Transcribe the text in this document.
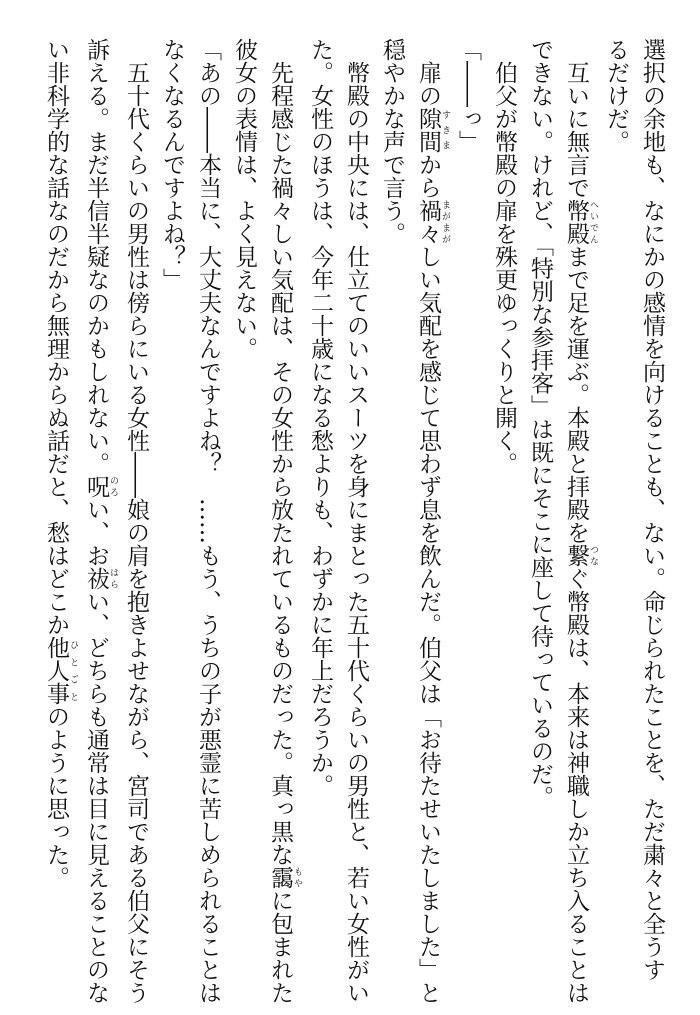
選択の余地も、なにかの感情を向けることも、ない。命じられたことを、ただ粛々と全うす

るだけだ。

互いに無言で幣殿 へいでんまで足を運ぶ。本殿と拝殿を繋 つなぐ幣殿は、本来は神職しか立ち入ることは

できない。けれど、「特別な参拝客」は既にそこに座して待っているのだ。

伯父が幣殿の扉を殊更ゆっくりと開く。

「――っ」

扉の隙間 すきまから禍々 まがまがしい気配を感じて思わず息を飲んだ。伯父は「お待たせいたしました」と

穏やかな声で言う。

幣殿の中央には、仕立てのいいスーツを身にまとった五十代くらいの男性と、若い女性がい

た。女性のほうは、今年二十歳になる愁よりも、わずかに年上だろうか。

先程感じた禍々しい気配は、その女性から放たれているものだった。真っ黒な靄 もやに包まれた

彼女の表情は、よく見えない。

「あの――本当に、大丈夫なんですよね？　……もう、うちの子が悪霊に苦しめられることは

なくなるんですよね？」

五十代くらいの男性は傍らにいる女性――娘の肩を抱きよせながら、宮司である伯父にそう

訴える。まだ半信半疑なのかもしれない。呪 のろい、お祓 はらい、どちらも通常は目に見えることのな

い非科学的な話なのだから無理からぬ話だと、愁はどこか他人事 ひとごとのように思った。
